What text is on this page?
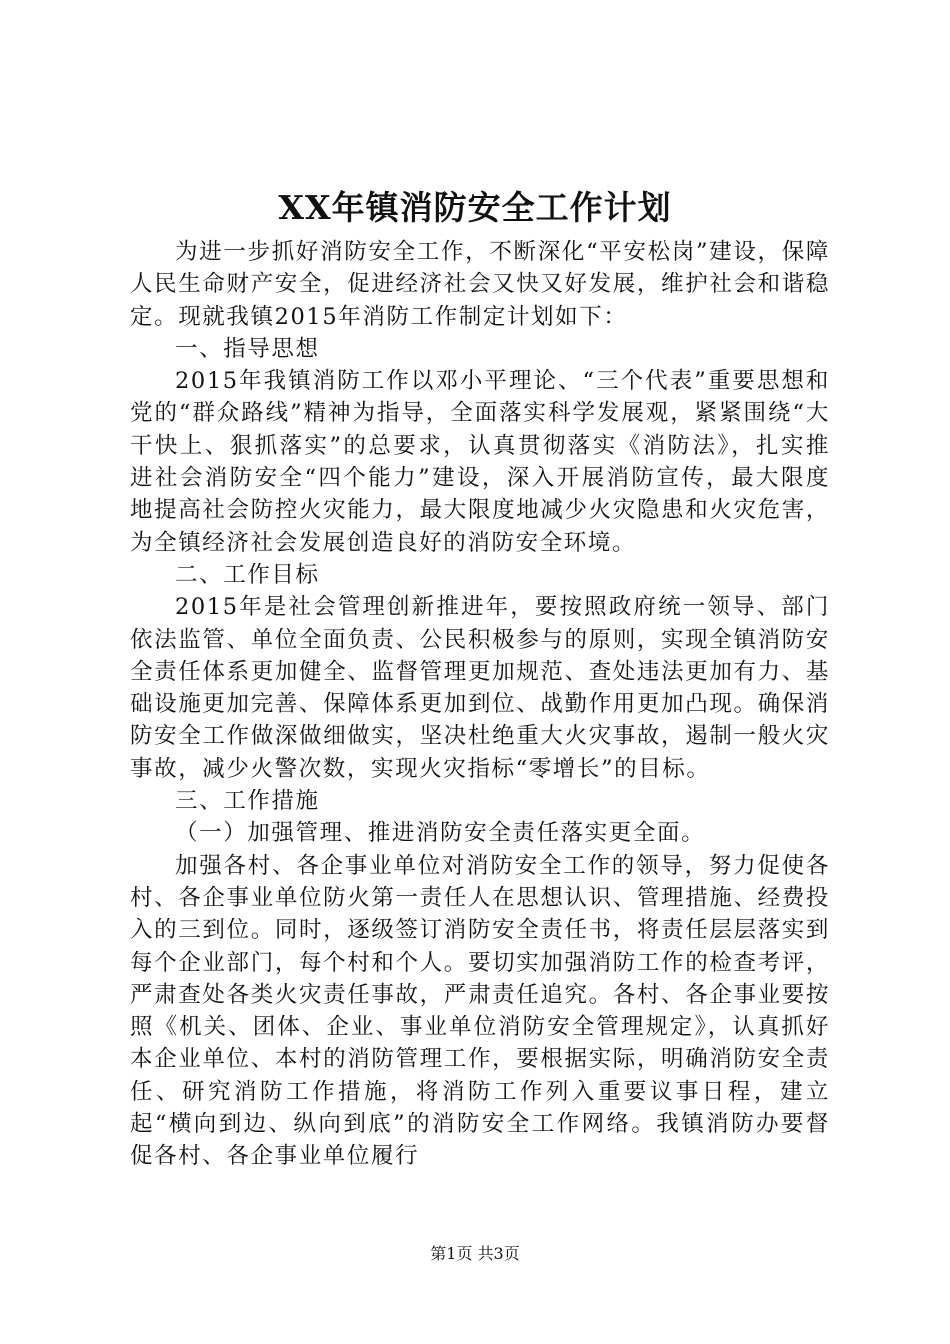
XX年镇消防安全工作计划

为进一步抓好消防安全工作，不断深化“平安松岗”建设，保障人民生命财产安全，促进经济社会又快又好发展，维护社会和谐稳定。现就我镇2015年消防工作制定计划如下：

一、指导思想

2015年我镇消防工作以邓小平理论、“三个代表”重要思想和党的“群众路线”精神为指导，全面落实科学发展观，紧紧围绕“大干快上、狠抓落实”的总要求，认真贯彻落实《消防法》，扎实推进社会消防安全“四个能力”建设，深入开展消防宣传，最大限度地提高社会防控火灾能力，最大限度地减少火灾隐患和火灾危害，为全镇经济社会发展创造良好的消防安全环境。

二、工作目标

2015年是社会管理创新推进年，要按照政府统一领导、部门依法监管、单位全面负责、公民积极参与的原则，实现全镇消防安全责任体系更加健全、监督管理更加规范、查处违法更加有力、基础设施更加完善、保障体系更加到位、战勤作用更加凸现。确保消防安全工作做深做细做实，坚决杜绝重大火灾事故，遏制一般火灾事故，减少火警次数，实现火灾指标“零增长”的目标。

三、工作措施

（一）加强管理、推进消防安全责任落实更全面。

加强各村、各企事业单位对消防安全工作的领导，努力促使各村、各企事业单位防火第一责任人在思想认识、管理措施、经费投入的三到位。同时，逐级签订消防安全责任书，将责任层层落实到每个企业部门，每个村和个人。要切实加强消防工作的检查考评，严肃查处各类火灾责任事故，严肃责任追究。各村、各企事业要按照《机关、团体、企业、事业单位消防安全管理规定》，认真抓好本企业单位、本村的消防管理工作，要根据实际，明确消防安全责任、研究消防工作措施，将消防工作列入重要议事日程，建立起“横向到边、纵向到底”的消防安全工作网络。我镇消防办要督促各村、各企事业单位履行

第1页 共3页
